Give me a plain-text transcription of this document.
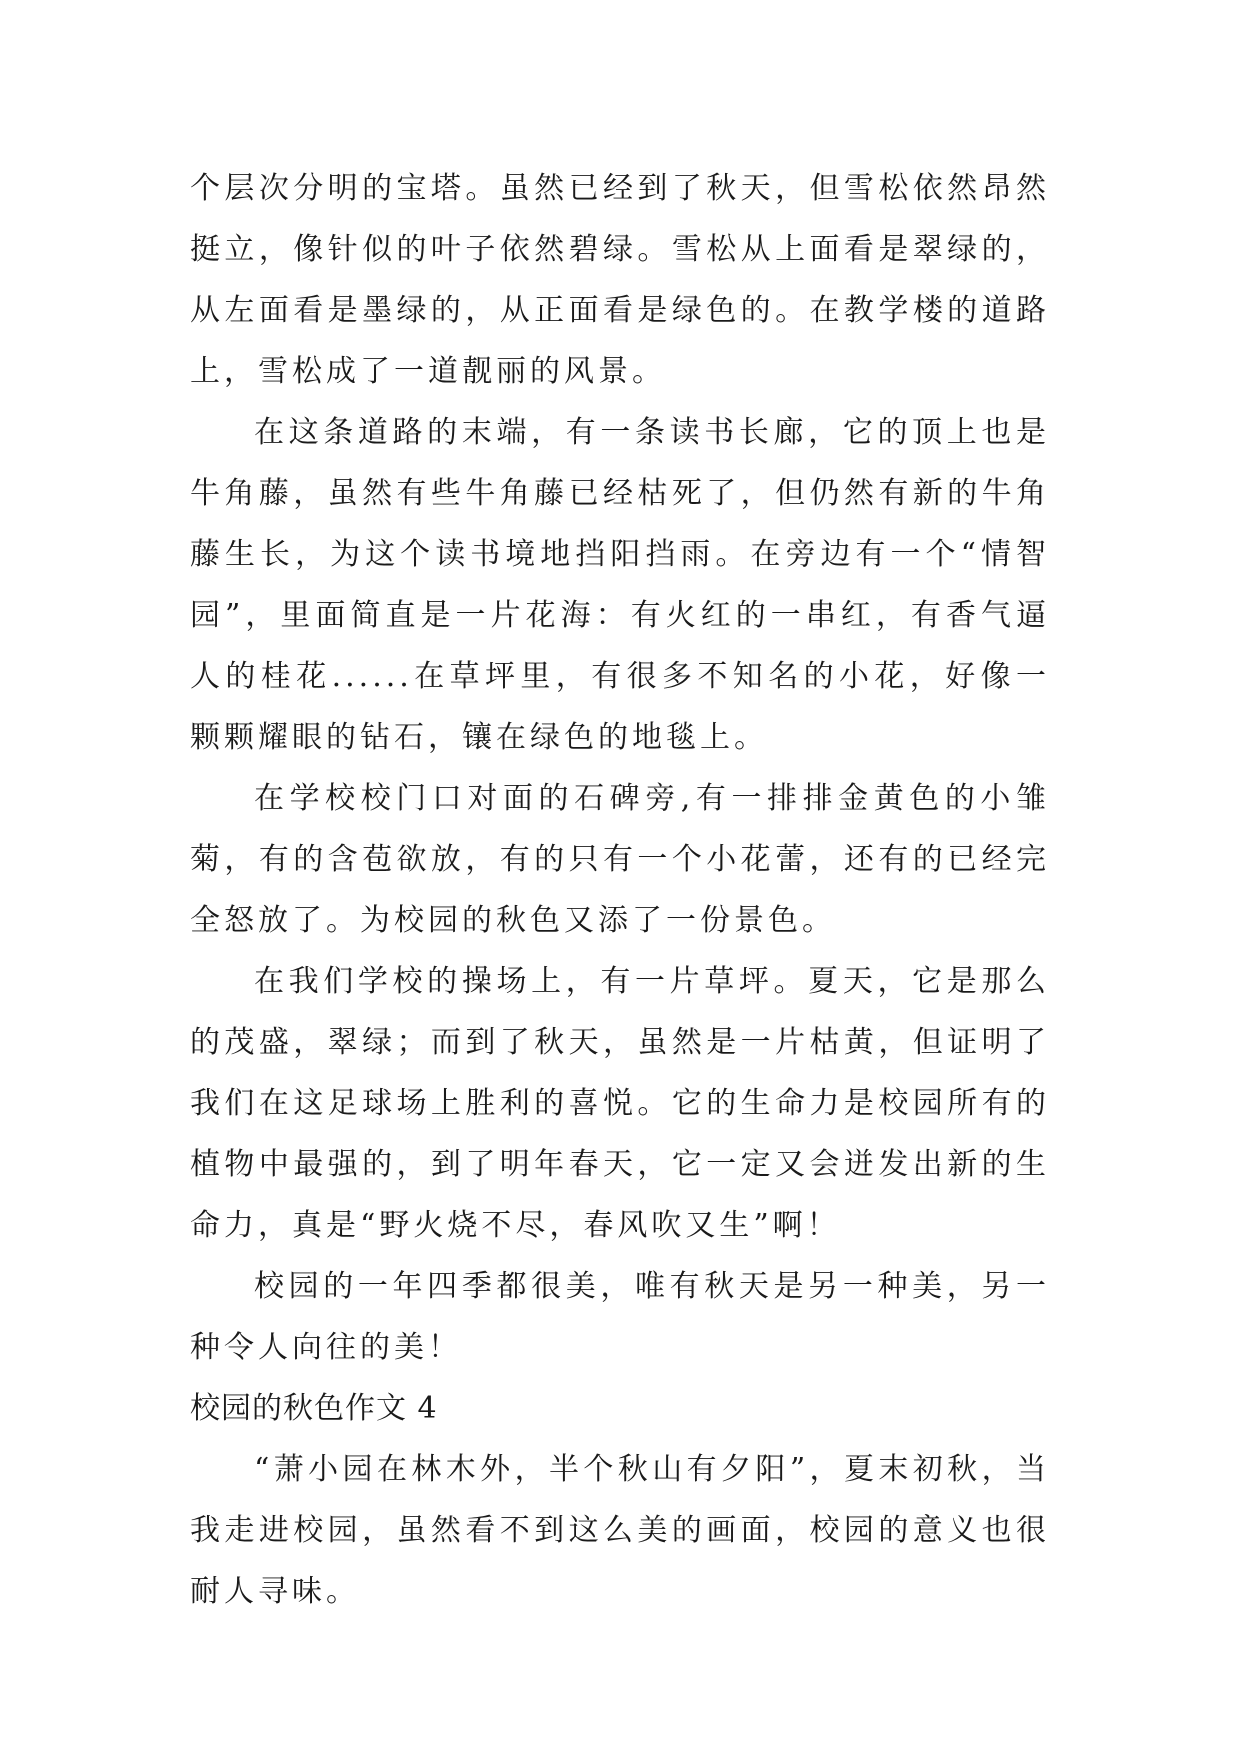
个层次分明的宝塔。虽然已经到了秋天，但雪松依然昂然挺立，像针似的叶子依然碧绿。雪松从上面看是翠绿的，从左面看是墨绿的，从正面看是绿色的。在教学楼的道路上，雪松成了一道靓丽的风景。

在这条道路的末端，有一条读书长廊，它的顶上也是牛角藤，虽然有些牛角藤已经枯死了，但仍然有新的牛角藤生长，为这个读书境地挡阳挡雨。在旁边有一个“情智园”，里面简直是一片花海：有火红的一串红，有香气逼人的桂花......在草坪里，有很多不知名的小花，好像一颗颗耀眼的钻石，镶在绿色的地毯上。

在学校校门口对面的石碑旁,有一排排金黄色的小雏菊，有的含苞欲放，有的只有一个小花蕾，还有的已经完全怒放了。为校园的秋色又添了一份景色。

在我们学校的操场上，有一片草坪。夏天，它是那么的茂盛，翠绿；而到了秋天，虽然是一片枯黄，但证明了我们在这足球场上胜利的喜悦。它的生命力是校园所有的植物中最强的，到了明年春天，它一定又会迸发出新的生命力，真是“野火烧不尽，春风吹又生”啊！

校园的一年四季都很美，唯有秋天是另一种美，另一种令人向往的美！

校园的秋色作文 4

“萧小园在林木外，半个秋山有夕阳”，夏末初秋，当我走进校园，虽然看不到这么美的画面，校园的意义也很耐人寻味。
